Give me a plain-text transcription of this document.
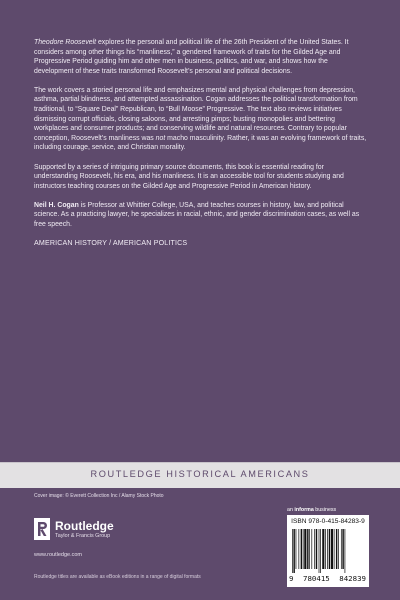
Theodore Roosevelt explores the personal and political life of the 26th President of the United States. It considers among other things his “manliness,” a gendered framework of traits for the Gilded Age and Progressive Period guiding him and other men in business, politics, and war, and shows how the development of these traits transformed Roosevelt’s personal and political decisions.

The work covers a storied personal life and emphasizes mental and physical challenges from depression, asthma, partial blindness, and attempted assassination. Cogan addresses the political transformation from traditional, to “Square Deal” Republican, to “Bull Moose” Progressive. The text also reviews initiatives dismissing corrupt officials, closing saloons, and arresting pimps; busting monopolies and bettering workplaces and consumer products; and conserving wildlife and natural resources. Contrary to popular conception, Roosevelt’s manliness was not macho masculinity. Rather, it was an evolving framework of traits, including courage, service, and Christian morality.

Supported by a series of intriguing primary source documents, this book is essential reading for understanding Roosevelt, his era, and his manliness. It is an accessible tool for students studying and instructors teaching courses on the Gilded Age and Progressive Period in American history.

Neil H. Cogan is Professor at Whittier College, USA, and teaches courses in history, law, and political science. As a practicing lawyer, he specializes in racial, ethnic, and gender discrimination cases, as well as free speech.

AMERICAN HISTORY / AMERICAN POLITICS

ROUTLEDGE HISTORICAL AMERICANS
Cover image: © Everett Collection Inc / Alamy Stock Photo
Routledge
Taylor & Francis Group
www.routledge.com
Routledge titles are available as eBook editions in a range of digital formats
an informa business
ISBN 978-0-415-84283-9
9 780415 842839
